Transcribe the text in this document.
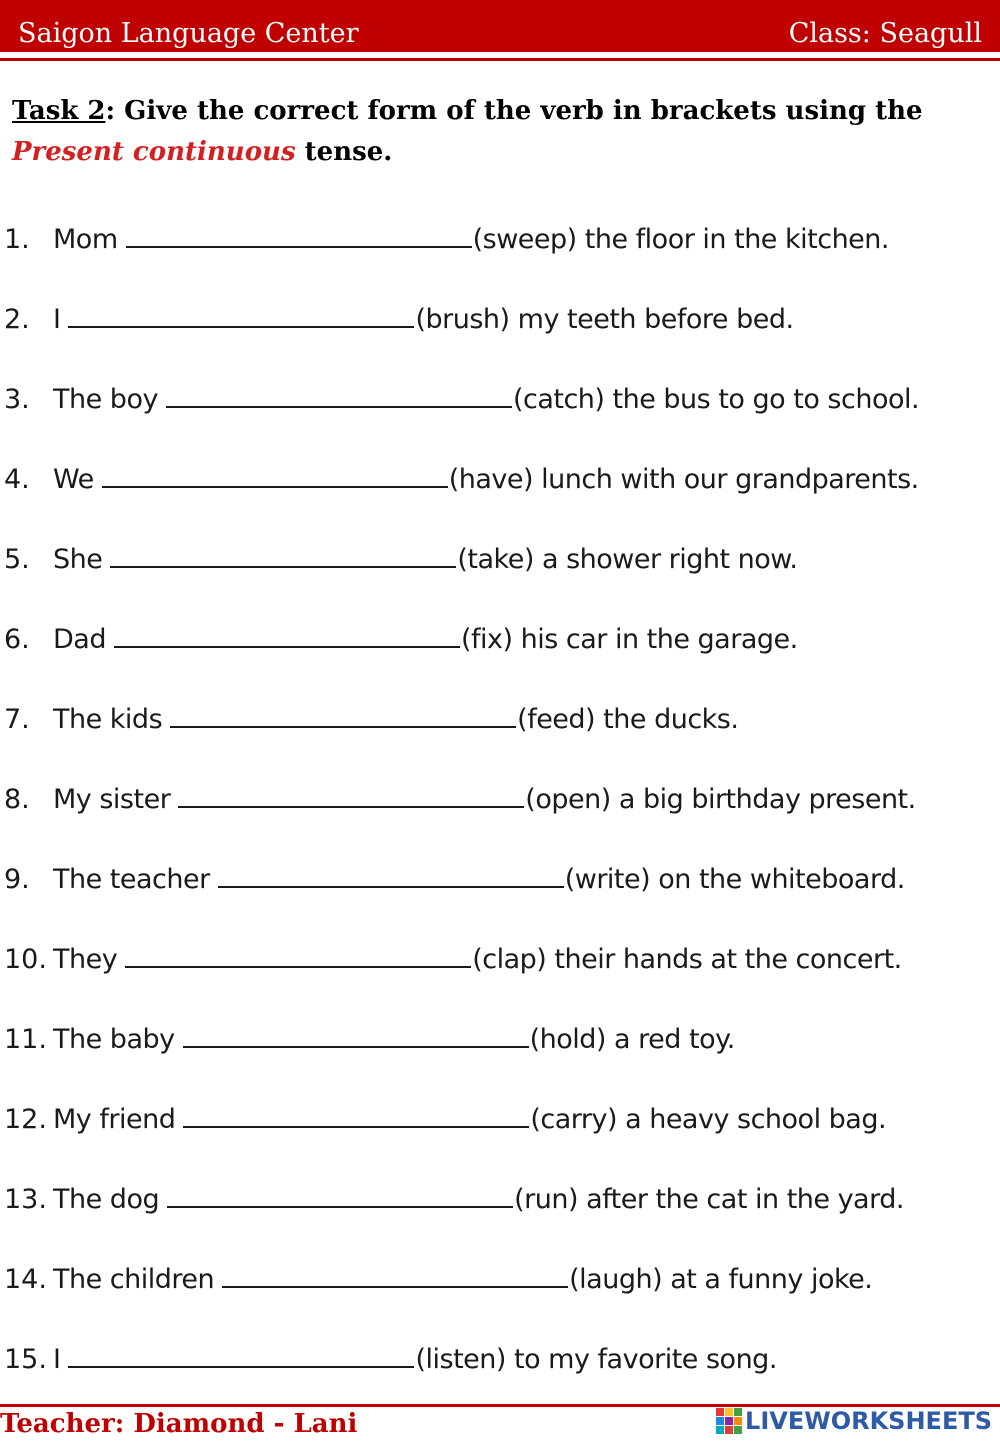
Saigon Language Center	Class: Seagull
Task 2: Give the correct form of the verb in brackets using the Present continuous tense.
1. Mom	(sweep) the floor in the kitchen.
2. I	(brush) my teeth before bed.
3. The boy	(catch) the bus to go to school.
4. We	(have) lunch with our grandparents.
5. She	(take) a shower right now.
6. Dad	(fix) his car in the garage.
7. The kids	(feed) the ducks.
8. My sister	(open) a big birthday present.
9. The teacher	(write) on the whiteboard.
10. They	(clap) their hands at the concert.
11. The baby	(hold) a red toy.
12. My friend	(carry) a heavy school bag.
13. The dog	(run) after the cat in the yard.
14. The children	(laugh) at a funny joke.
15. I	(listen) to my favorite song.
Teacher: Diamond - Lani	LIVEWORKSHEETS
